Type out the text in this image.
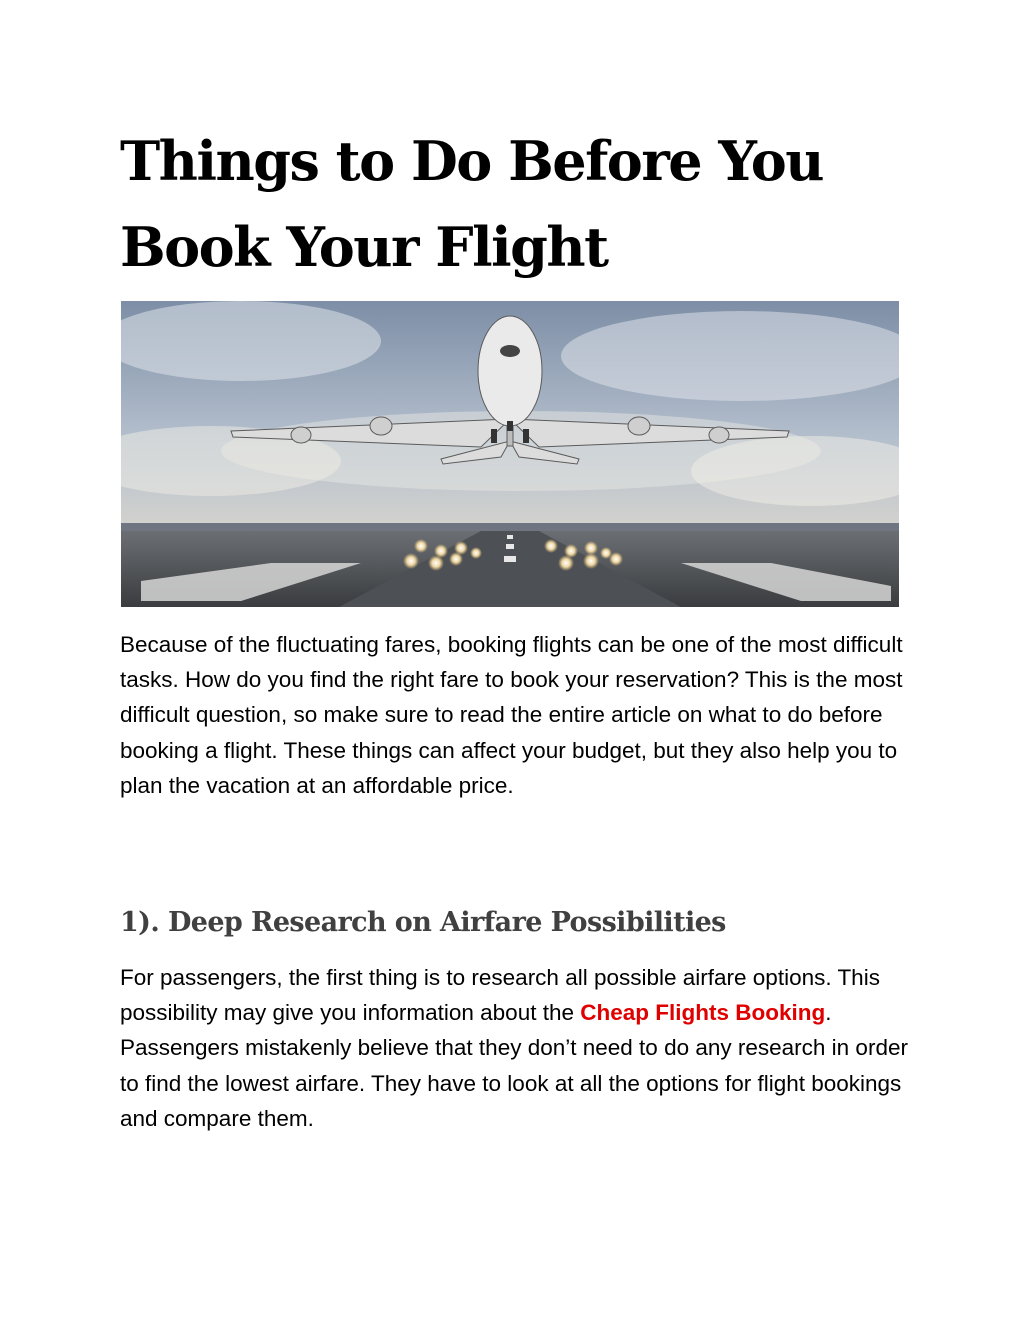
Things to Do Before You Book Your Flight

Because of the fluctuating fares, booking flights can be one of the most difficult tasks. How do you find the right fare to book your reservation? This is the most difficult question, so make sure to read the entire article on what to do before booking a flight. These things can affect your budget, but they also help you to plan the vacation at an affordable price.

1). Deep Research on Airfare Possibilities

For passengers, the first thing is to research all possible airfare options. This possibility may give you information about the Cheap Flights Booking. Passengers mistakenly believe that they don’t need to do any research in order to find the lowest airfare. They have to look at all the options for flight bookings and compare them.
